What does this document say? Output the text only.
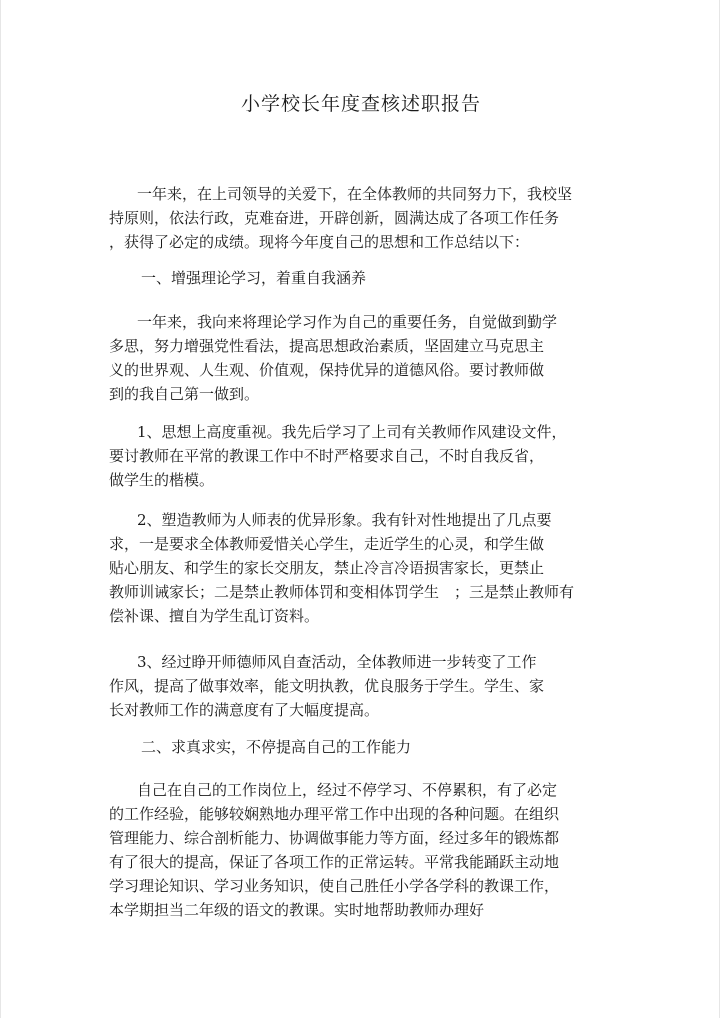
小学校长年度查核述职报告
一年来，在上司领导的关爱下，在全体教师的共同努力下，我校坚
持原则，依法行政，克难奋进，开辟创新，圆满达成了各项工作任务
，获得了必定的成绩。现将今年度自己的思想和工作总结以下：
一、增强理论学习，着重自我涵养
一年来，我向来将理论学习作为自己的重要任务，自觉做到勤学
多思，努力增强党性看法，提高思想政治素质，坚固建立马克思主
义的世界观、人生观、价值观，保持优异的道德风俗。要讨教师做
到的我自己第一做到。
1、思想上高度重视。我先后学习了上司有关教师作风建设文件，
要讨教师在平常的教课工作中不时严格要求自己，不时自我反省，
做学生的楷模。
2、塑造教师为人师表的优异形象。我有针对性地提出了几点要
求，一是要求全体教师爱惜关心学生，走近学生的心灵，和学生做
贴心朋友、和学生的家长交朋友，禁止冷言冷语损害家长，更禁止
教师训诫家长；二是禁止教师体罚和变相体罚学生　；三是禁止教师有
偿补课、擅自为学生乱订资料。
3、经过睁开师德师风自查活动，全体教师进一步转变了工作
作风，提高了做事效率，能文明执教，优良服务于学生。学生、家
长对教师工作的满意度有了大幅度提高。
二、求真求实，不停提高自己的工作能力
自己在自己的工作岗位上，经过不停学习、不停累积，有了必定
的工作经验，能够较娴熟地办理平常工作中出现的各种问题。在组织
管理能力、综合剖析能力、协调做事能力等方面，经过多年的锻炼都
有了很大的提高，保证了各项工作的正常运转。平常我能踊跃主动地
学习理论知识、学习业务知识，使自己胜任小学各学科的教课工作，
本学期担当二年级的语文的教课。实时地帮助教师办理好
